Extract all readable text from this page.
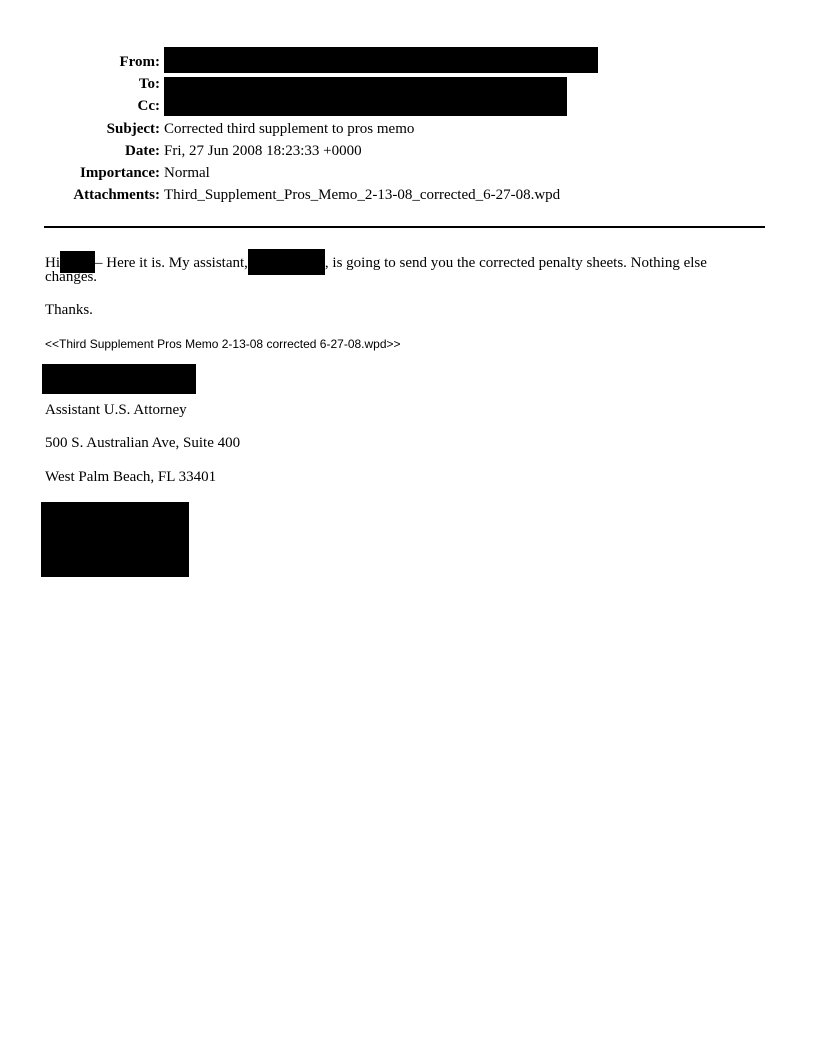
From:
To:
Cc:
Subject: Corrected third supplement to pros memo
Date: Fri, 27 Jun 2008 18:23:33 +0000
Importance: Normal
Attachments: Third_Supplement_Pros_Memo_2-13-08_corrected_6-27-08.wpd
Hi – Here it is. My assistant,	, is going to send you the corrected penalty sheets. Nothing else
changes.
Thanks.
<<Third Supplement Pros Memo 2-13-08 corrected 6-27-08.wpd>>
Assistant U.S. Attorney
500 S. Australian Ave, Suite 400
West Palm Beach, FL 33401
